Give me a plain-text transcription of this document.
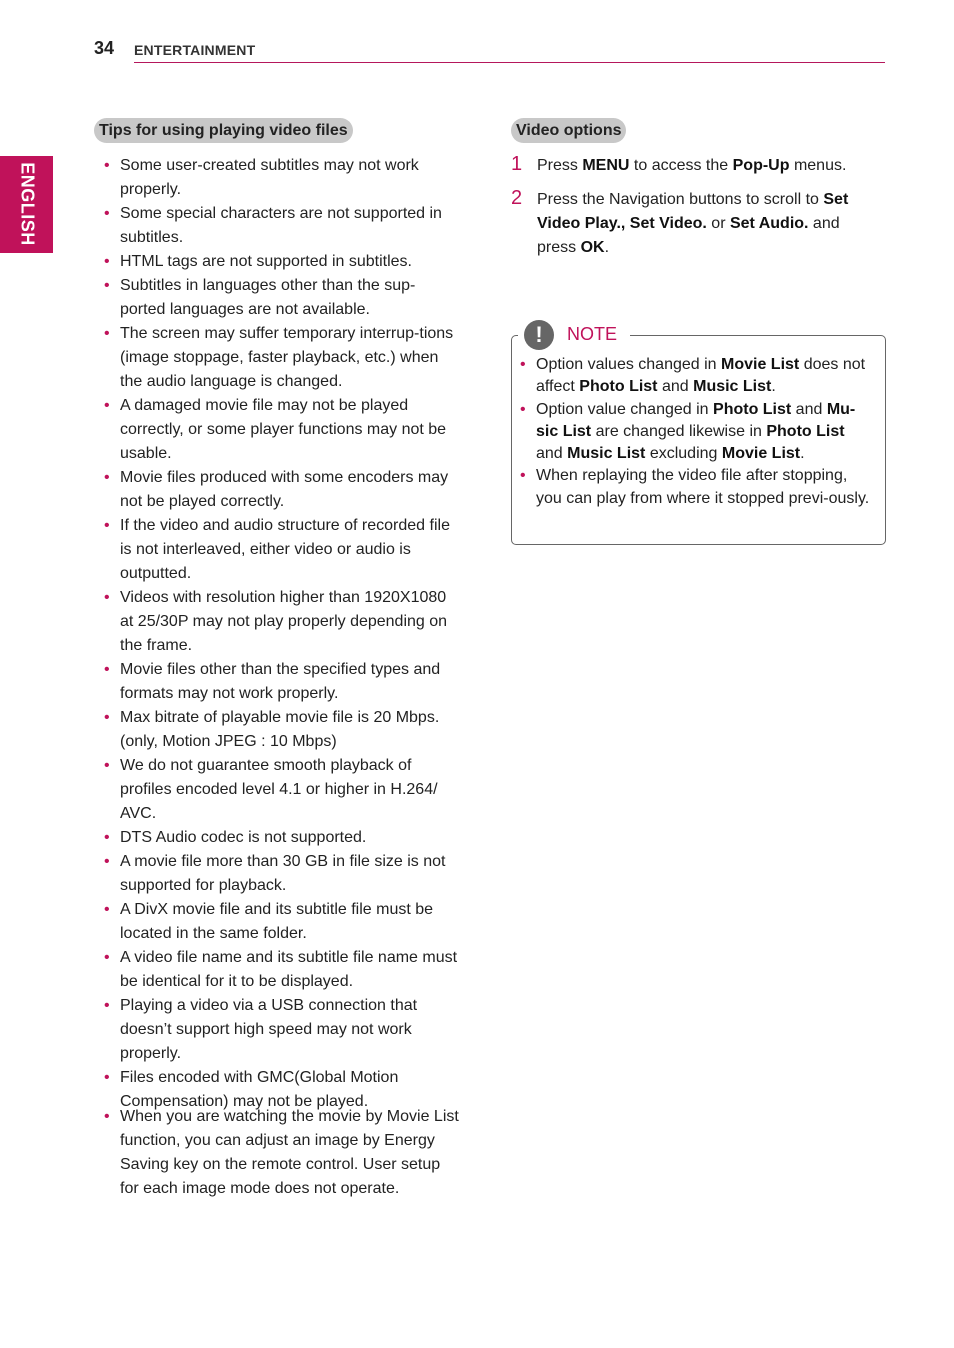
34 ENTERTAINMENT
ENGLISH
Tips for using playing video files
• Some user-created subtitles may not work properly.
• Some special characters are not supported in subtitles.
• HTML tags are not supported in subtitles.
• Subtitles in languages other than the sup-ported languages are not available.
• The screen may suffer temporary interrup-tions (image stoppage, faster playback, etc.) when the audio language is changed.
• A damaged movie file may not be played correctly, or some player functions may not be usable.
• Movie files produced with some encoders may not be played correctly.
• If the video and audio structure of recorded file is not interleaved, either video or audio is outputted.
• Videos with resolution higher than 1920X1080 at 25/30P may not play properly depending on the frame.
• Movie files other than the specified types and formats may not work properly.
• Max bitrate of playable movie file is 20 Mbps. (only, Motion JPEG : 10 Mbps)
• We do not guarantee smooth playback of profiles encoded level 4.1 or higher in H.264/ AVC.
• DTS Audio codec is not supported.
• A movie file more than 30 GB in file size is not supported for playback.
• A DivX movie file and its subtitle file must be located in the same folder.
• A video file name and its subtitle file name must be identical for it to be displayed.
• Playing a video via a USB connection that doesn’t support high speed may not work properly.
• Files encoded with GMC(Global Motion Compensation) may not be played.
• When you are watching the movie by Movie List function, you can adjust an image by Energy Saving key on the remote control. User setup for each image mode does not operate.
Video options
1 Press MENU to access the Pop-Up menus.
2 Press the Navigation buttons to scroll to Set Video Play., Set Video. or Set Audio. and press OK.
!	NOTE
• Option values changed in Movie List does not affect Photo List and Music List.
• Option value changed in Photo List and Mu-sic List are changed likewise in Photo List and Music List excluding Movie List.
• When replaying the video file after stopping, you can play from where it stopped previ-ously.
